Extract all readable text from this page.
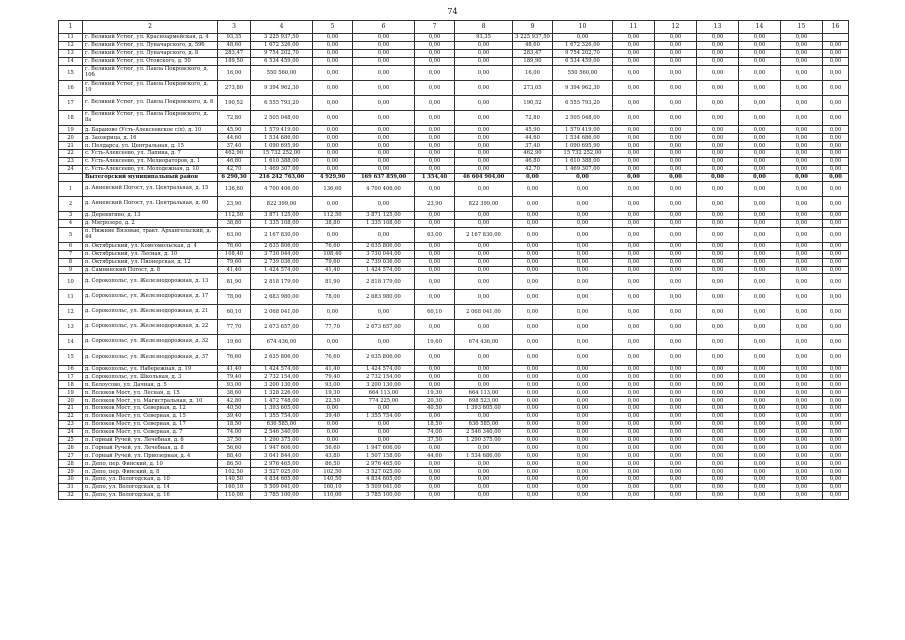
74
1	2	3	4	5	6	7	8	9	10	11	12	13	14	15	16
11	г. Великий Устюг, ул. Красноармейская, д. 4	93,35	3 225 937,50	0,00	0,00	0,00	93,35	3 225 937,50	0,00	0,00	0,00	0,00	0,00	0,00	
12	г. Великий Устюг, ул. Луначарского, д. 59б	48,60	1 672 326,00	0,00	0,00	0,00	0,00	48,60	1 672 326,00	0,00	0,00	0,00	0,00	0,00	0,00
13	г. Великий Устюг, ул. Луначарского, д. 8	283,47	9 754 202,70	0,00	0,00	0,00	0,00	283,47	9 754 202,70	0,00	0,00	0,00	0,00	0,00	0,00
14	г. Великий Устюг, ул. Отовского, д. 50	189,50	6 534 459,00	0,00	0,00	0,00	0,00	189,90	6 534 459,00	0,00	0,00	0,00	0,00	0,00	0,00
15	г. Великий Устюг, ул. Павла Покровского, д. 10б	16,00	550 560,00	0,00	0,00	0,00	0,00	16,00	550 560,00	0,00	0,00	0,00	0,00	0,00	0,00
16	г. Великий Устюг, ул. Павла Покровского, д. 19	273,80	9 394 962,30	0,00	0,00	0,00	0,00	273,05	9 394 962,30	0,00	0,00	0,00	0,00	0,00	0,00
17	г. Великий Устюг, ул. Павла Покровского, д. 8	190,52	6 555 793,20	0,00	0,00	0,00	0,00	190,52	6 555 793,20	0,00	0,00	0,00	0,00	0,00	0,00
18	г. Великий Устюг, ул. Павла Покровского, д. 8а	72,80	2 505 048,00	0,00	0,00	0,00	0,00	72,80	2 505 048,00	0,00	0,00	0,00	0,00	0,00	0,00
19	д. Бараново (Усть-Алексеевское с/п), д. 10	45,90	1 579 419,00	0,00	0,00	0,00	0,00	45,90	1 579 419,00	0,00	0,00	0,00	0,00	0,00	0,00
20	д. Заозерица, д. 16	44,60	1 534 686,00	0,00	0,00	0,00	0,00	44,60	1 534 686,00	0,00	0,00	0,00	0,00	0,00	0,00
21	п. Полдарса, ул. Центральная, д. 15	37,40	1 090 695,90	0,00	0,00	0,00	0,00	37,40	1 090 695,90	0,00	0,00	0,00	0,00	0,00	0,00
22	с. Усть-Алексеево, ул. Лапина, д. 7	462,90	15 732 252,00	0,00	0,00	0,00	0,00	462,90	15 732 252,00	0,00	0,00	0,00	0,00	0,00	0,00
23	с. Усть-Алексеево, ул. Мелиораторов, д. 1	46,80	1 610 388,00	0,00	0,00	0,00	0,00	46,80	1 610 388,00	0,00	0,00	0,00	0,00	0,00	0,00
24	с. Усть-Алексеево, ул. Молодежная, д. 10	42,70	1 469 307,00	0,00	0,00	0,00	0,00	42,70	1 469 307,00	0,00	0,00	0,00	0,00	0,00	0,00
	Вытегорский муниципальный район	6 290,30	216 242 763,00	4 929,90	169 637 859,00	1 354,40	46 604 904,00	0,00	0,00	0,00	0,00	0,00	0,00	0,00	0,00
1	д. Анненский Погост, ул. Центральная, д. 15	136,60	4 700 406,00	136,60	4 700 406,00	0,00	0,00	0,00	0,00	0,00	0,00	0,00	0,00	0,00	0,00
2	д. Анненский Погост, ул. Центральная, д. 60	23,90	822 399,00	0,00	0,00	23,90	822 399,00	0,00	0,00	0,00	0,00	0,00	0,00	0,00	0,00
3	д. Деревягино, д. 13	112,50	3 871 125,00	112,50	3 871 125,00	0,00	0,00	0,00	0,00	0,00	0,00	0,00	0,00	0,00	0,00
4	д. Мягрозеро, д. 2	38,80	1 335 108,00	38,80	1 335 108,00	0,00	0,00	0,00	0,00	0,00	0,00	0,00	0,00	0,00	0,00
5	п. Нижние Вязовые, тракт. Архангельский, д. 44	63,00	2 167 830,00	0,00	0,00	63,00	2 167 830,00	0,00	0,00	0,00	0,00	0,00	0,00	0,00	0,00
6	п. Октябрьский, ул. Комсомольская, д. 4	76,60	2 635 806,00	76,60	2 635 806,00	0,00	0,00	0,00	0,00	0,00	0,00	0,00	0,00	0,00	0,00
7	п. Октябрьский, ул. Лесная, д. 10	108,40	3 730 044,00	108,40	3 730 044,00	0,00	0,00	0,00	0,00	0,00	0,00	0,00	0,00	0,00	0,00
8	п. Октябрьский, ул. Пионерская, д. 12	79,60	2 739 036,00	79,60	2 739 036,00	0,00	0,00	0,00	0,00	0,00	0,00	0,00	0,00	0,00	0,00
9	д. Самнинский Погост, д. 8	41,40	1 424 574,00	41,40	1 424 574,00	0,00	0,00	0,00	0,00	0,00	0,00	0,00	0,00	0,00	0,00
10	д. Сорокопольс, ул. Железнодорожная, д. 13	81,90	2 818 179,00	81,90	2 818 179,00	0,00	0,00	0,00	0,00	0,00	0,00	0,00	0,00	0,00	0,00
11	д. Сорокопольс, ул. Железнодорожная, д. 17	78,00	2 683 980,00	78,00	2 683 980,00	0,00	0,00	0,00	0,00	0,00	0,00	0,00	0,00	0,00	0,00
12	д. Сорокопольс, ул. Железнодорожная, д. 21	60,10	2 068 041,00	0,00	0,00	60,10	2 068 041,00	0,00	0,00	0,00	0,00	0,00	0,00	0,00	0,00
13	д. Сорокопольс, ул. Железнодорожная, д. 22	77,70	2 673 657,00	77,70	2 673 657,00	0,00	0,00	0,00	0,00	0,00	0,00	0,00	0,00	0,00	0,00
14	д. Сорокопольс, ул. Железнодорожная, д. 32	19,60	674 436,00	0,00	0,00	19,60	674 436,00	0,00	0,00	0,00	0,00	0,00	0,00	0,00	0,00
15	д. Сорокопольс, ул. Железнодорожная, д. 37	76,60	2 635 806,00	76,60	2 635 806,00	0,00	0,00	0,00	0,00	0,00	0,00	0,00	0,00	0,00	0,00
16	д. Сорокопольс, ул. Набережная, д. 19	41,40	1 424 574,00	41,40	1 424 574,00	0,00	0,00	0,00	0,00	0,00	0,00	0,00	0,00	0,00	0,00
17	д. Сорокопольс, ул. Школьная, д. 3	79,40	2 732 154,00	79,40	2 732 154,00	0,00	0,00	0,00	0,00	0,00	0,00	0,00	0,00	0,00	0,00
18	п. Белоусово, ул. Дачная, д. 5	93,00	3 200 130,00	93,00	3 200 130,00	0,00	0,00	0,00	0,00	0,00	0,00	0,00	0,00	0,00	0,00
19	п. Волоков Мост, ул. Лесная, д. 15	38,60	1 328 226,00	19,30	664 113,00	19,30	664 113,00	0,00	0,00	0,00	0,00	0,00	0,00	0,00	0,00
20	п. Волоков Мост, ул. Магистральная, д. 10	42,80	1 472 748,00	22,50	774 225,00	20,30	698 523,00	0,00	0,00	0,00	0,00	0,00	0,00	0,00	0,00
21	п. Волоков Мост, ул. Северная, д. 12	40,50	1 393 605,00	0,00	0,00	40,50	1 393 605,00	0,00	0,00	0,00	0,00	0,00	0,00	0,00	0,00
22	п. Волоков Мост, ул. Северная, д. 15	39,40	1 355 754,00	39,40	1 355 754,00	0,00	0,00	0,00	0,00	0,00	0,00	0,00	0,00	0,00	0,00
23	п. Волоков Мост, ул. Северная, д. 17	18,50	636 585,00	0,00	0,00	18,50	636 585,00	0,00	0,00	0,00	0,00	0,00	0,00	0,00	0,00
24	п. Волоков Мост, ул. Северная, д. 7	74,00	2 546 340,00	0,00	0,00	74,00	2 546 340,00	0,00	0,00	0,00	0,00	0,00	0,00	0,00	0,00
25	п. Горный Ручей, ул. Лечебная, д. 6	37,50	1 290 375,00	0,00	0,00	37,50	1 290 375,00	0,00	0,00	0,00	0,00	0,00	0,00	0,00	0,00
26	п. Горный Ручей, ул. Лечебная, д. 8	56,60	1 947 606,00	56,60	1 947 606,00	0,00	0,00	0,00	0,00	0,00	0,00	0,00	0,00	0,00	0,00
27	п. Горный Ручей, ул. Приозерная, д. 4	88,40	3 041 844,00	43,80	1 507 158,00	44,60	1 534 686,00	0,00	0,00	0,00	0,00	0,00	0,00	0,00	0,00
28	п. Депо, пер. Финский, д. 10	86,50	2 976 465,00	86,50	2 976 465,00	0,00	0,00	0,00	0,00	0,00	0,00	0,00	0,00	0,00	0,00
29	п. Депо, пер. Финский, д. 8	102,50	3 527 025,00	102,50	3 527 025,00	0,00	0,00	0,00	0,00	0,00	0,00	0,00	0,00	0,00	0,00
30	п. Депо, ул. Вологодская, д. 10	140,50	4 834 605,00	140,50	4 834 605,00	0,00	0,00	0,00	0,00	0,00	0,00	0,00	0,00	0,00	0,00
31	п. Депо, ул. Вологодская, д. 14	160,10	5 509 041,00	160,10	5 509 041,00	0,00	0,00	0,00	0,00	0,00	0,00	0,00	0,00	0,00	0,00
32	п. Депо, ул. Вологодская, д. 16	110,00	3 785 100,00	110,00	3 785 100,00	0,00	0,00	0,00	0,00	0,00	0,00	0,00	0,00	0,00	0,00
